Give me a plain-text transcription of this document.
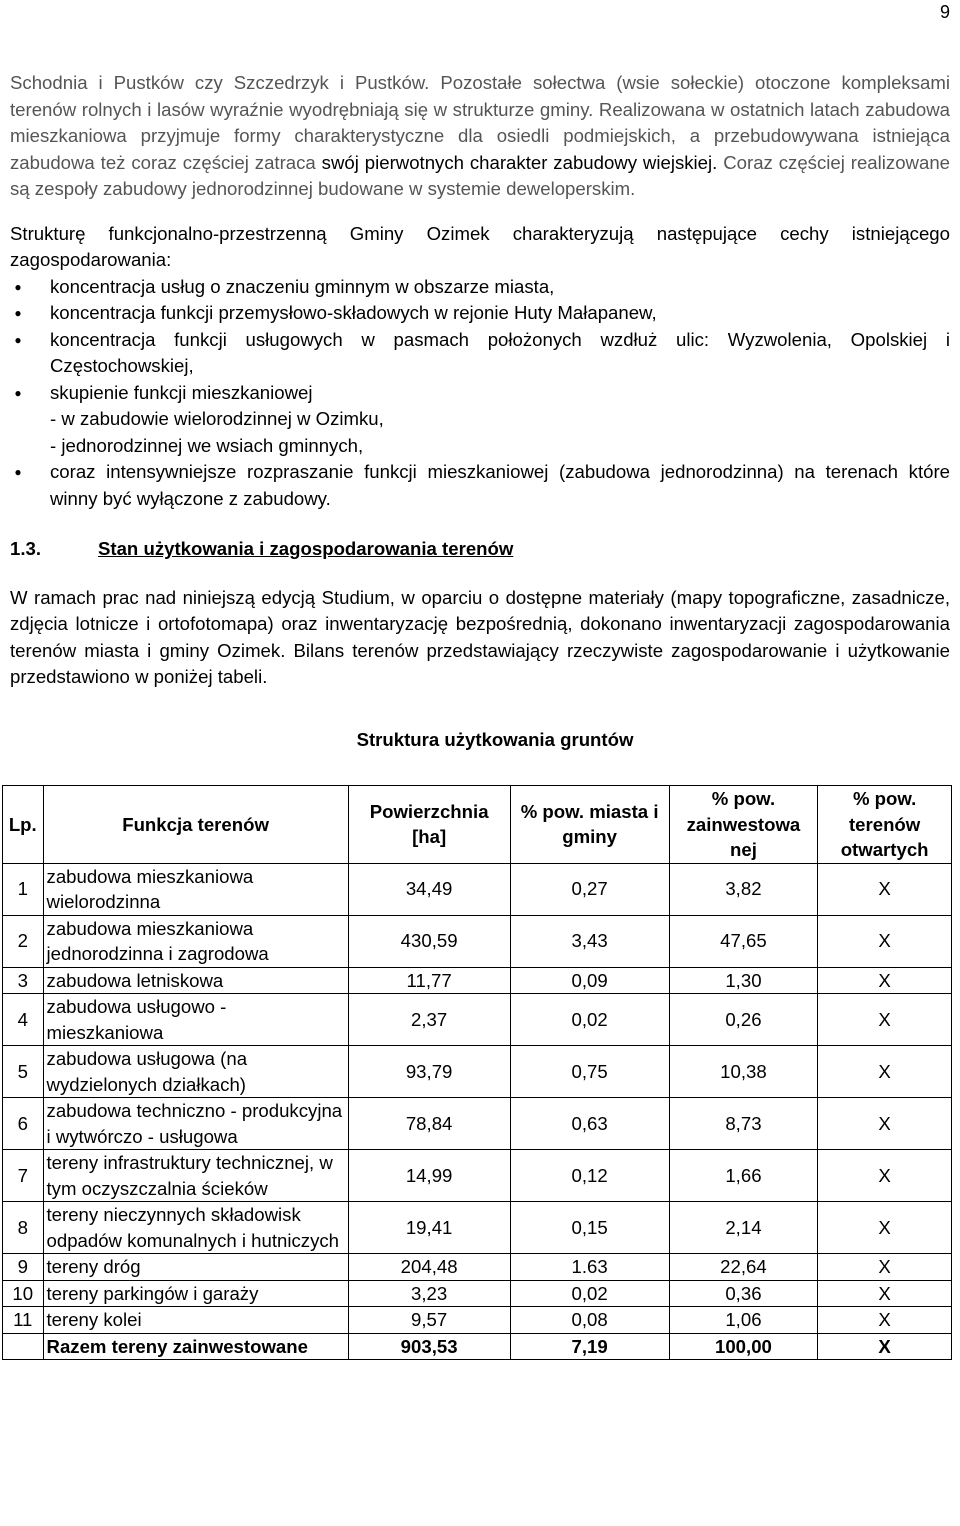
9

Schodnia i Pustków czy Szczedrzyk i Pustków. Pozostałe sołectwa (wsie sołeckie) otoczone kompleksami terenów rolnych i lasów wyraźnie wyodrębniają się w strukturze gminy. Realizowana w ostatnich latach zabudowa mieszkaniowa przyjmuje formy charakterystyczne dla osiedli podmiejskich, a przebudowywana istniejąca zabudowa też coraz częściej zatraca swój pierwotnych charakter zabudowy wiejskiej. Coraz częściej realizowane są zespoły zabudowy jednorodzinnej budowane w systemie deweloperskim.

Strukturę funkcjonalno-przestrzenną Gminy Ozimek charakteryzują następujące cechy istniejącego zagospodarowania:

● koncentracja usług o znaczeniu gminnym w obszarze miasta,
● koncentracja funkcji przemysłowo-składowych w rejonie Huty Małapanew,
● koncentracja funkcji usługowych w pasmach położonych wzdłuż ulic: Wyzwolenia, Opolskiej i Częstochowskiej,
● skupienie funkcji mieszkaniowej
- w zabudowie wielorodzinnej w Ozimku,
- jednorodzinnej we wsiach gminnych,
● coraz intensywniejsze rozpraszanie funkcji mieszkaniowej (zabudowa jednorodzinna) na terenach które winny być wyłączone z zabudowy.
1.3.	Stan użytkowania i zagospodarowania terenów

W ramach prac nad niniejszą edycją Studium, w oparciu o dostępne materiały (mapy topograficzne, zasadnicze, zdjęcia lotnicze i ortofotomapa) oraz inwentaryzację bezpośrednią, dokonano inwentaryzacji zagospodarowania terenów miasta i gminy Ozimek. Bilans terenów przedstawiający rzeczywiste zagospodarowanie i użytkowanie przedstawiono w poniżej tabeli.

Struktura użytkowania gruntów
Lp.	Funkcja terenów	Powierzchnia [ha]	% pow. miasta i gminy	% pow. zainwestowa nej	% pow. terenów otwartych
1	zabudowa mieszkaniowa wielorodzinna	34,49	0,27	3,82	X
2	zabudowa mieszkaniowa jednorodzinna i zagrodowa	430,59	3,43	47,65	X
3	zabudowa letniskowa	11,77	0,09	1,30	X
4	zabudowa usługowo - mieszkaniowa	2,37	0,02	0,26	X
5	zabudowa usługowa (na wydzielonych działkach)	93,79	0,75	10,38	X
6	zabudowa techniczno - produkcyjna i wytwórczo - usługowa	78,84	0,63	8,73	X
7	tereny infrastruktury technicznej, w tym oczyszczalnia ścieków	14,99	0,12	1,66	X
8	tereny nieczynnych składowisk odpadów komunalnych i hutniczych	19,41	0,15	2,14	X
9	tereny dróg	204,48	1.63	22,64	X
10	tereny parkingów i garaży	3,23	0,02	0,36	X
11	tereny kolei	9,57	0,08	1,06	X
	Razem tereny zainwestowane	903,53	7,19	100,00	X
